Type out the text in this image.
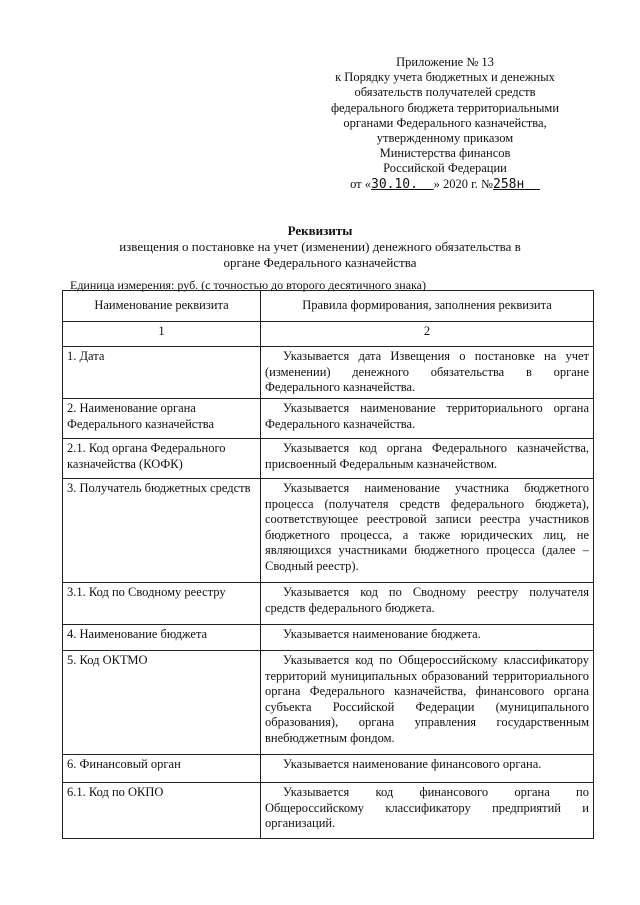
Приложение № 13
к Порядку учета бюджетных и денежных
обязательств получателей средств
федерального бюджета территориальными
органами Федерального казначейства,
утвержденному приказом
Министерства финансов
Российской Федерации
от «30.10. » 2020 г. №258н
Реквизиты
извещения о постановке на учет (изменении) денежного обязательства в
органе Федерального казначейства
Единица измерения: руб. (с точностью до второго десятичного знака)
Наименование реквизита	Правила формирования, заполнения реквизита
1	2
1. Дата	Указывается дата Извещения о постановке на учет (изменении) денежного обязательства в органе Федерального казначейства.
2. Наименование органа Федерального казначейства	Указывается наименование территориального органа Федерального казначейства.
2.1. Код органа Федерального казначейства (КОФК)	Указывается код органа Федерального казначейства, присвоенный Федеральным казначейством.
3. Получатель бюджетных средств	Указывается наименование участника бюджетного процесса (получателя средств федерального бюджета), соответствующее реестровой записи реестра участников бюджетного процесса, а также юридических лиц, не являющихся участниками бюджетного процесса (далее – Сводный реестр).
3.1. Код по Сводному реестру	Указывается код по Сводному реестру получателя средств федерального бюджета.
4. Наименование бюджета	Указывается наименование бюджета.
5. Код ОКТМО	Указывается код по Общероссийскому классификатору территорий муниципальных образований территориального органа Федерального казначейства, финансового органа субъекта Российской Федерации (муниципального образования), органа управления государственным внебюджетным фондом.
6. Финансовый орган	Указывается наименование финансового органа.
6.1. Код по ОКПО	Указывается код финансового органа по Общероссийскому классификатору предприятий и организаций.
